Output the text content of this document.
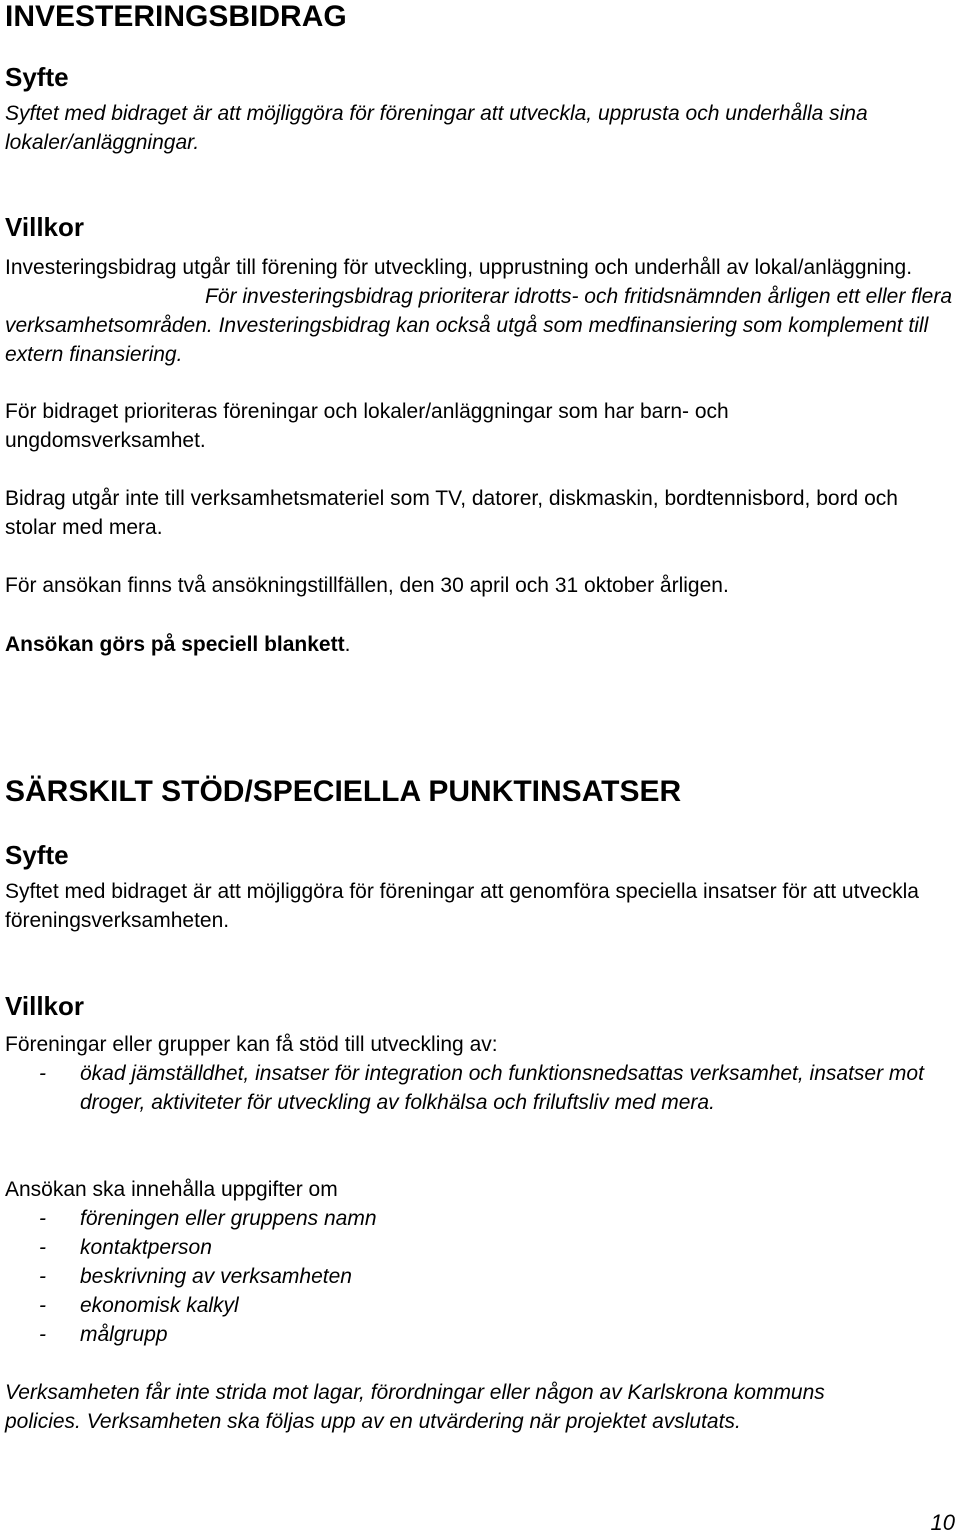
INVESTERINGSBIDRAG
Syfte
Syftet med bidraget är att möjliggöra för föreningar att utveckla, upprusta och underhålla sina lokaler/anläggningar.
Villkor
Investeringsbidrag utgår till förening för utveckling, upprustning och underhåll av lokal/anläggning.
För investeringsbidrag prioriterar idrotts- och fritidsnämnden årligen ett eller flera verksamhetsområden. Investeringsbidrag kan också utgå som medfinansiering som komplement till extern finansiering.
För bidraget prioriteras föreningar och lokaler/anläggningar som har barn- och ungdomsverksamhet.
Bidrag utgår inte till verksamhetsmateriel som TV, datorer, diskmaskin, bordtennisbord, bord och stolar med mera.
För ansökan finns två ansökningstillfällen, den 30 april och 31 oktober årligen.
Ansökan görs på speciell blankett.
SÄRSKILT STÖD/SPECIELLA PUNKTINSATSER
Syfte
Syftet med bidraget är att möjliggöra för föreningar att genomföra speciella insatser för att utveckla föreningsverksamheten.
Villkor
Föreningar eller grupper kan få stöd till utveckling av:
- ökad jämställdhet, insatser för integration och funktionsnedsattas verksamhet, insatser mot droger, aktiviteter för utveckling av folkhälsa och friluftsliv med mera.
Ansökan ska innehålla uppgifter om
- föreningen eller gruppens namn
- kontaktperson
- beskrivning av verksamheten
- ekonomisk kalkyl
- målgrupp
Verksamheten får inte strida mot lagar, förordningar eller någon av Karlskrona kommuns policies. Verksamheten ska följas upp av en utvärdering när projektet avslutats.
10
